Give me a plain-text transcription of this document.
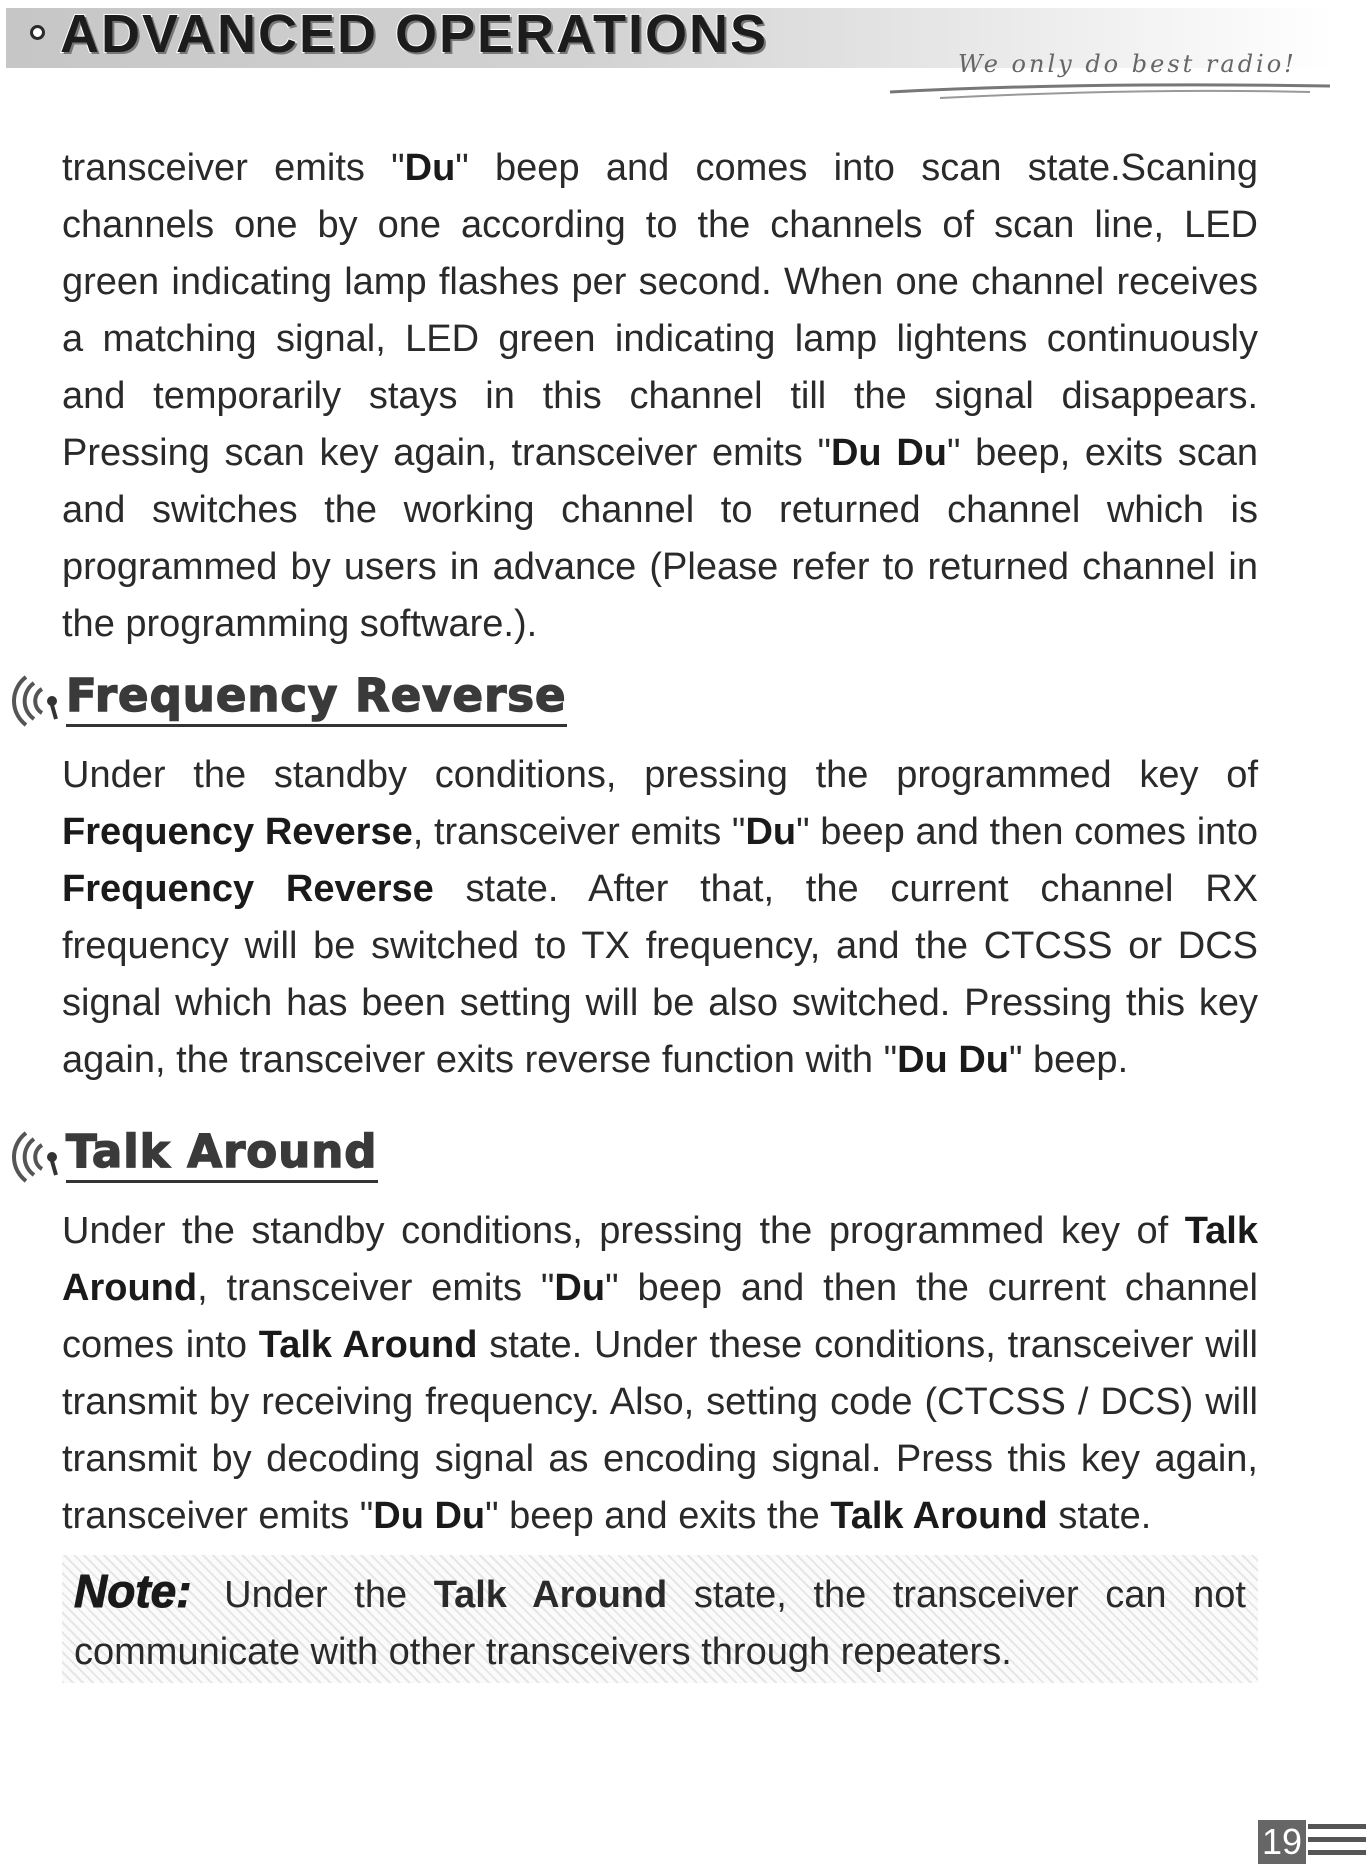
ADVANCED OPERATIONS	We only do best radio!

transceiver emits "Du" beep and comes into scan state.Scaning channels one by one according to the channels of scan line, LED green indicating lamp flashes per second. When one channel receives a matching signal, LED green indicating lamp lightens continuously and temporarily stays in this channel till the signal disappears. Pressing scan key again, transceiver emits "Du Du" beep, exits scan and switches the working channel to returned channel which is programmed by users in advance (Please refer to returned channel in the programming software.).

Frequency Reverse

Under the standby conditions, pressing the programmed key of Frequency Reverse, transceiver emits "Du" beep and then comes into Frequency Reverse state. After that, the current channel RX frequency will be switched to TX frequency, and the CTCSS or DCS signal which has been setting will be also switched. Pressing this key again, the transceiver exits reverse function with "Du Du" beep.

Talk Around

Under the standby conditions, pressing the programmed key of Talk Around, transceiver emits "Du" beep and then the current channel comes into Talk Around state. Under these conditions, transceiver will transmit by receiving frequency. Also, setting code (CTCSS / DCS) will transmit by decoding signal as encoding signal. Press this key again, transceiver emits "Du Du" beep and exits the Talk Around state.

Note: Under the Talk Around state, the transceiver can not communicate with other transceivers through repeaters.

19
